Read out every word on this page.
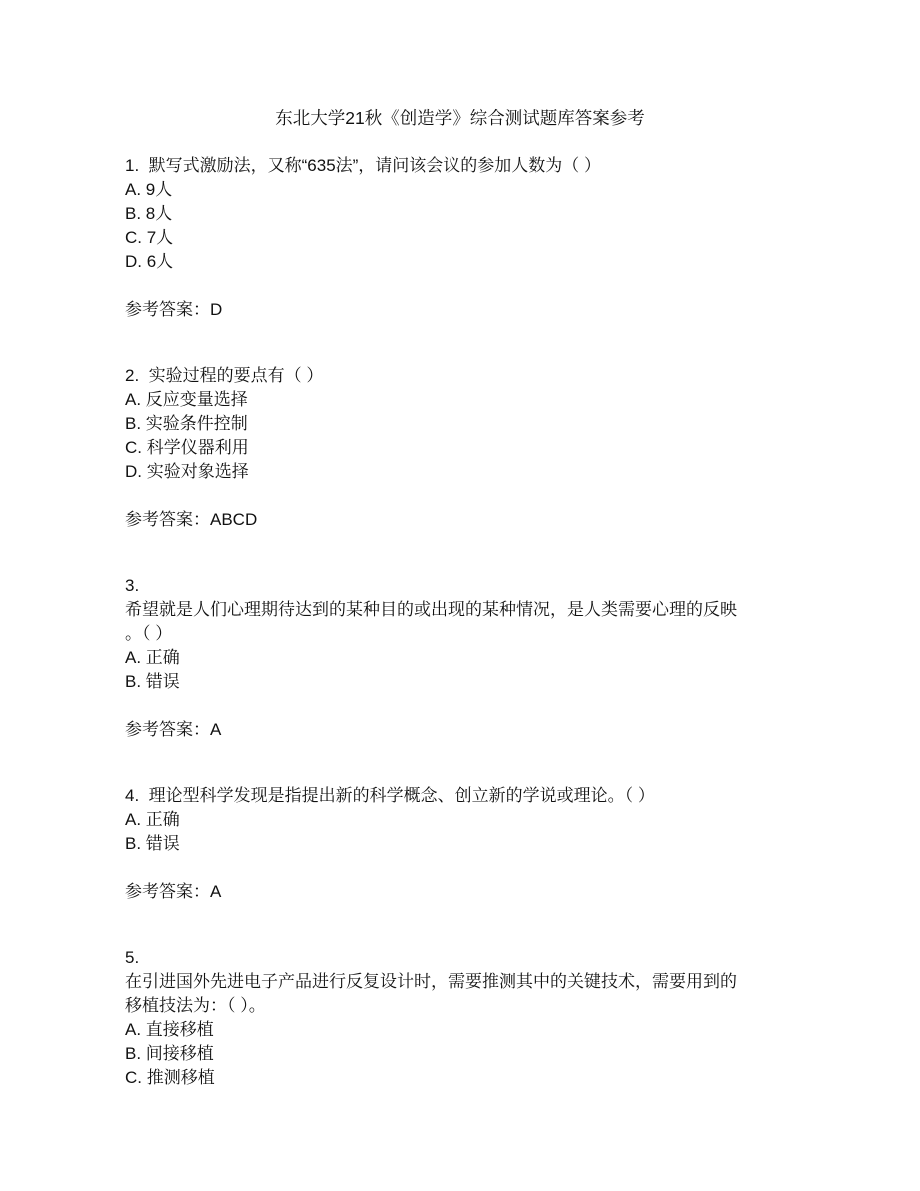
东北大学21秋《创造学》综合测试题库答案参考
1.  默写式激励法，又称“635法”，请问该会议的参加人数为（ ）
A. 9人
B. 8人
C. 7人
D. 6人
参考答案：D
2.  实验过程的要点有（ ）
A. 反应变量选择
B. 实验条件控制
C. 科学仪器利用
D. 实验对象选择
参考答案：ABCD
3.
希望就是人们心理期待达到的某种目的或出现的某种情况，是人类需要心理的反映
。（ ）
A. 正确
B. 错误
参考答案：A
4.  理论型科学发现是指提出新的科学概念、创立新的学说或理论。（ ）
A. 正确
B. 错误
参考答案：A
5.
在引进国外先进电子产品进行反复设计时，需要推测其中的关键技术，需要用到的
移植技法为：（ ）。
A. 直接移植
B. 间接移植
C. 推测移植
